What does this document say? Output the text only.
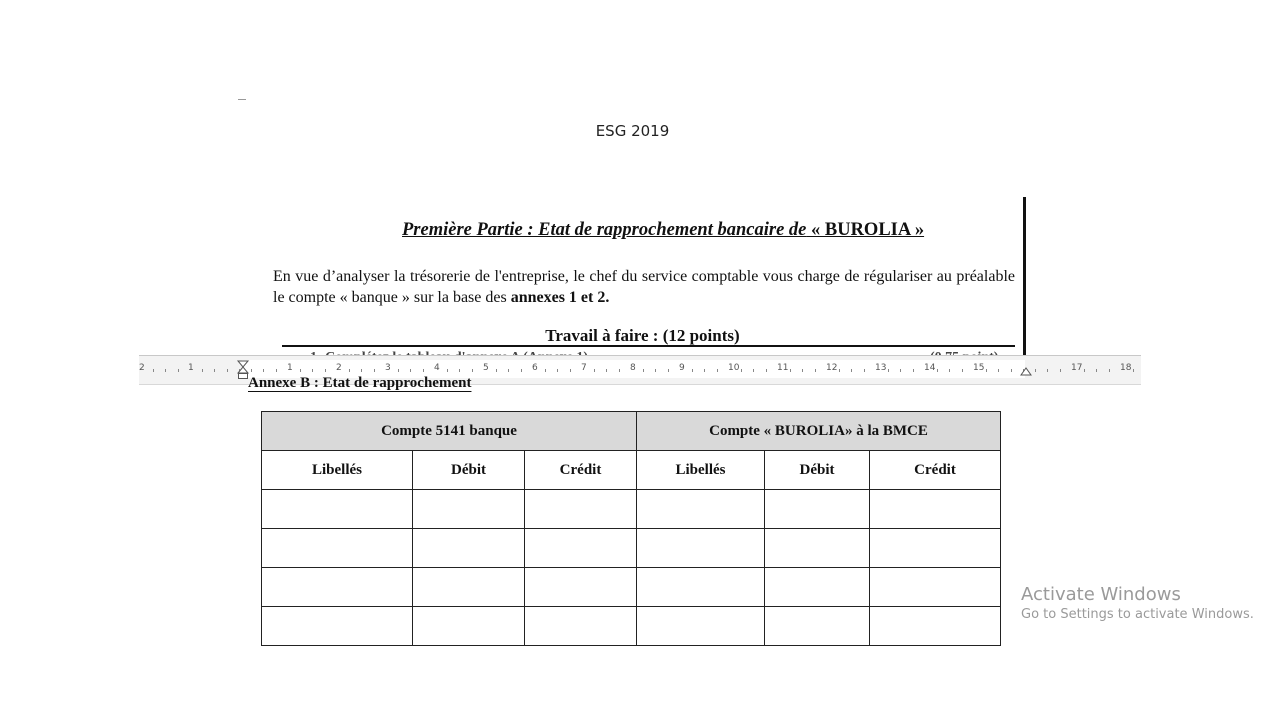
ESG 2019
Première Partie : Etat de rapprochement bancaire de « BUROLIA »
En vue d’analyser la trésorerie de l'entreprise, le chef du service comptable vous charge de régulariser au préalable le compte « banque » sur la base des annexes 1 et 2.
Travail à faire : (12 points)
2	1	1	2	3	4	5	6	7	8	9	10	11	12	13	14	15	17	18
Annexe B : Etat de rapprochement
Compte 5141 banque			Compte « BUROLIA» à la BMCE		
Libellés	Débit	Crédit	Libellés	Débit	Crédit

Activate Windows
Go to Settings to activate Windows.
